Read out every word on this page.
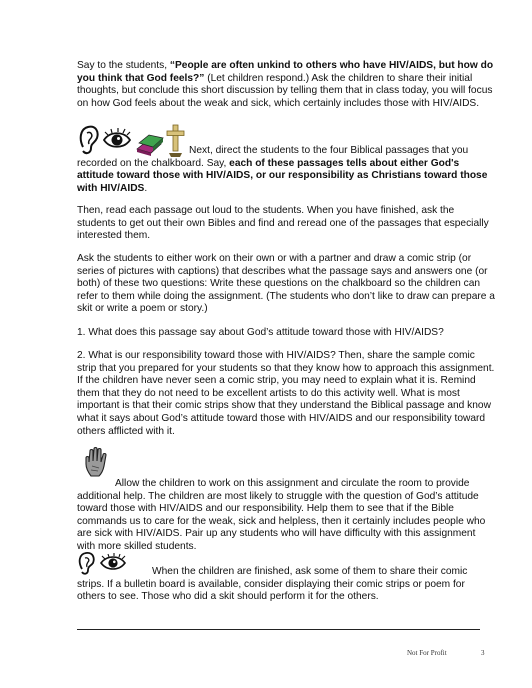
Say to the students, “People are often unkind to others who have HIV/AIDS, but how do you think that God feels?” (Let children respond.) Ask the children to share their initial thoughts, but conclude this short discussion by telling them that in class today, you will focus on how God feels about the weak and sick, which certainly includes those with HIV/AIDS.

Next, direct the students to the four Biblical passages that you recorded on the chalkboard. Say, each of these passages tells about either God's attitude toward those with HIV/AIDS, or our responsibility as Christians toward those with HIV/AIDS.

Then, read each passage out loud to the students. When you have finished, ask the students to get out their own Bibles and find and reread one of the passages that especially interested them.

Ask the students to either work on their own or with a partner and draw a comic strip (or series of pictures with captions) that describes what the passage says and answers one (or both) of these two questions: Write these questions on the chalkboard so the children can refer to them while doing the assignment. (The students who don’t like to draw can prepare a skit or write a poem or story.)

1. What does this passage say about God’s attitude toward those with HIV/AIDS?

2. What is our responsibility toward those with HIV/AIDS? Then, share the sample comic strip that you prepared for your students so that they know how to approach this assignment. If the children have never seen a comic strip, you may need to explain what it is. Remind them that they do not need to be excellent artists to do this activity well. What is most important is that their comic strips show that they understand the Biblical passage and know what it says about God’s attitude toward those with HIV/AIDS and our responsibility toward others afflicted with it.

Allow the children to work on this assignment and circulate the room to provide additional help. The children are most likely to struggle with the question of God’s attitude toward those with HIV/AIDS and our responsibility. Help them to see that if the Bible commands us to care for the weak, sick and helpless, then it certainly includes people who are sick with HIV/AIDS. Pair up any students who will have difficulty with this assignment with more skilled students.

When the children are finished, ask some of them to share their comic strips. If a bulletin board is available, consider displaying their comic strips or poem for others to see. Those who did a skit should perform it for the others.

Not For Profit	3
